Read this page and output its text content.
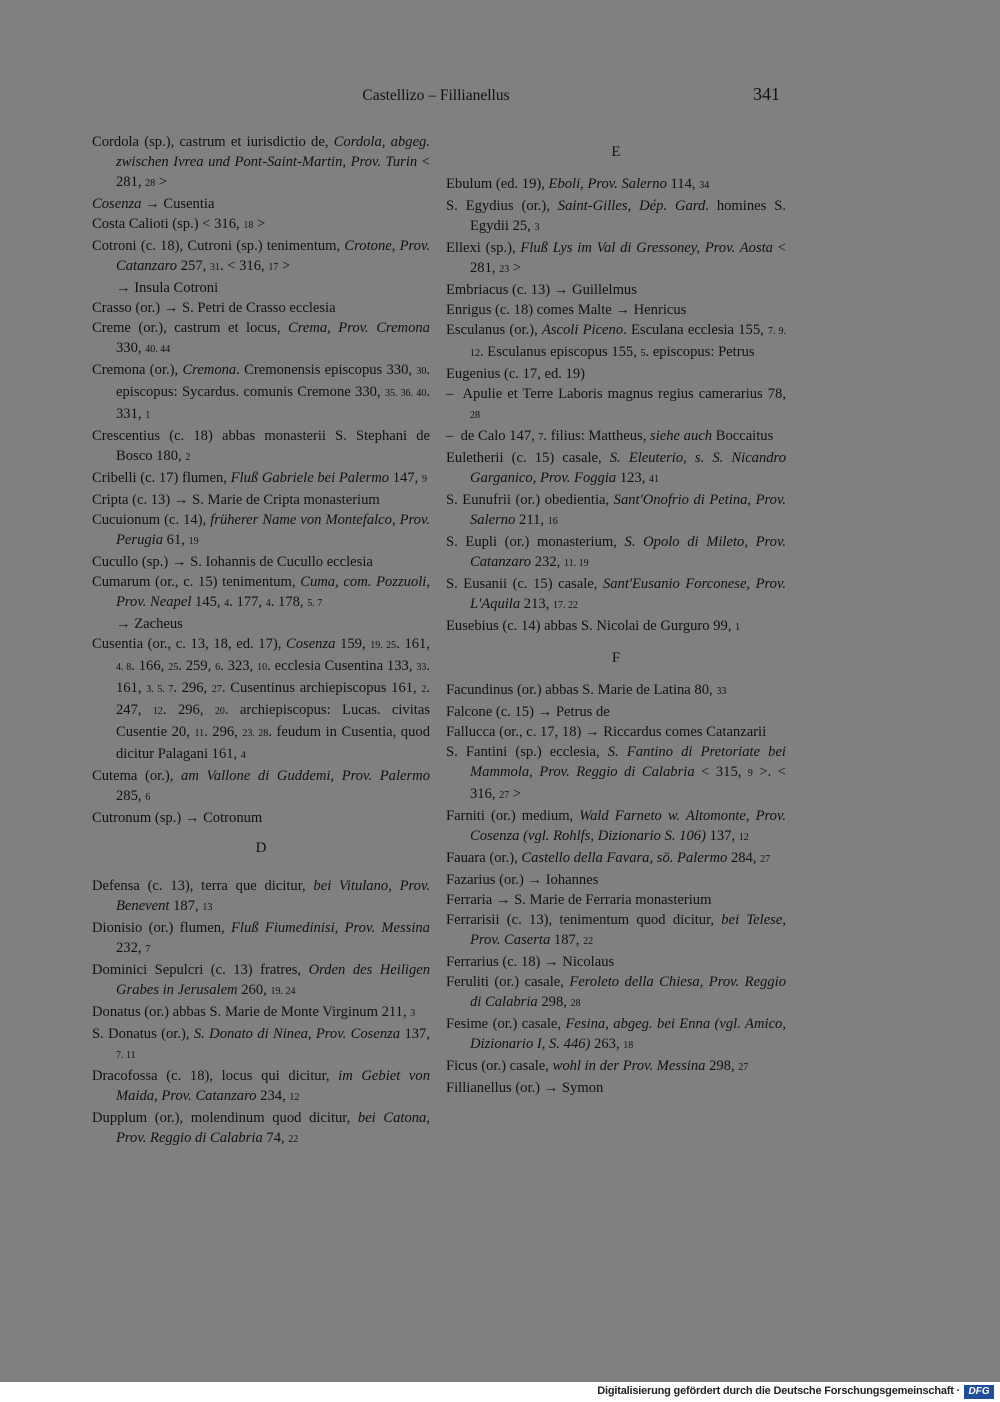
Castellizo – Fillianellus	341
Cordola (sp.), castrum et iurisdictio de, Cordola, abgeg. zwischen Ivrea und Pont-Saint-Martin, Prov. Turin < 281, 28 >
Cosenza → Cusentia
Costa Calioti (sp.) < 316, 18 >
Cotroni (c. 18), Cutroni (sp.) tenimentum, Crotone, Prov. Catanzaro 257, 31. < 316, 17 >
→ Insula Cotroni
Crasso (or.) → S. Petri de Crasso ecclesia
Creme (or.), castrum et locus, Crema, Prov. Cremona 330, 40. 44
Cremona (or.), Cremona. Cremonensis episcopus 330, 30. episcopus: Sycardus. comunis Cremone 330, 35. 36. 40. 331, 1
Crescentius (c. 18) abbas monasterii S. Stephani de Bosco 180, 2
Cribelli (c. 17) flumen, Fluß Gabriele bei Palermo 147, 9
Cripta (c. 13) → S. Marie de Cripta monasterium
Cucuionum (c. 14), früherer Name von Montefalco, Prov. Perugia 61, 19
Cucullo (sp.) → S. Iohannis de Cucullo ecclesia
Cumarum (or., c. 15) tenimentum, Cuma, com. Pozzuoli, Prov. Neapel 145, 4. 177, 4. 178, 5. 7
→ Zacheus
Cusentia (or., c. 13, 18, ed. 17), Cosenza 159, 19. 25. 161, 4. 8. 166, 25. 259, 6. 323, 10. ecclesia Cusentina 133, 33. 161, 3. 5. 7. 296, 27. Cusentinus archiepiscopus 161, 2. 247, 12. 296, 20. archiepiscopus: Lucas. civitas Cusentie 20, 11. 296, 23. 28. feudum in Cusentia, quod dicitur Palagani 161, 4
Cutema (or.), am Vallone di Guddemi, Prov. Palermo 285, 6
Cutronum (sp.) → Cotronum
D
Defensa (c. 13), terra que dicitur, bei Vitulano, Prov. Benevent 187, 13
Dionisio (or.) flumen, Fluß Fiumedinisi, Prov. Messina 232, 7
Dominici Sepulcri (c. 13) fratres, Orden des Heiligen Grabes in Jerusalem 260, 19. 24
Donatus (or.) abbas S. Marie de Monte Virginum 211, 3
S. Donatus (or.), S. Donato di Ninea, Prov. Cosenza 137, 7. 11
Dracofossa (c. 18), locus qui dicitur, im Gebiet von Maida, Prov. Catanzaro 234, 12
Dupplum (or.), molendinum quod dicitur, bei Catona, Prov. Reggio di Calabria 74, 22
E
Ebulum (ed. 19), Eboli, Prov. Salerno 114, 34
S. Egydius (or.), Saint-Gilles, Dép. Gard. homines S. Egydii 25, 3
Ellexi (sp.), Fluß Lys im Val di Gressoney, Prov. Aosta < 281, 23 >
Embriacus (c. 13) → Guillelmus
Enrigus (c. 18) comes Malte → Henricus
Esculanus (or.), Ascoli Piceno. Esculana ecclesia 155, 7. 9. 12. Esculanus episcopus 155, 5. episcopus: Petrus
Eugenius (c. 17, ed. 19)
–  Apulie et Terre Laboris magnus regius camerarius 78, 28
–  de Calo 147, 7. filius: Mattheus, siehe auch Boccaitus
Euletherii (c. 15) casale, S. Eleuterio, s. S. Nicandro Garganico, Prov. Foggia 123, 41
S. Eunufrii (or.) obedientia, Sant'Onofrio di Petina, Prov. Salerno 211, 16
S. Eupli (or.) monasterium, S. Opolo di Mileto, Prov. Catanzaro 232, 11. 19
S. Eusanii (c. 15) casale, Sant'Eusanio Forconese, Prov. L'Aquila 213, 17. 22
Eusebius (c. 14) abbas S. Nicolai de Gurguro 99, 1
F
Facundinus (or.) abbas S. Marie de Latina 80, 33
Falcone (c. 15) → Petrus de
Fallucca (or., c. 17, 18) → Riccardus comes Catanzarii
S. Fantini (sp.) ecclesia, S. Fantino di Pretoriate bei Mammola, Prov. Reggio di Calabria < 315, 9 >. < 316, 27 >
Farniti (or.) medium, Wald Farneto w. Altomonte, Prov. Cosenza (vgl. Rohlfs, Dizionario S. 106) 137, 12
Fauara (or.), Castello della Favara, sö. Palermo 284, 27
Fazarius (or.) → Iohannes
Ferraria → S. Marie de Ferraria monasterium
Ferrarisii (c. 13), tenimentum quod dicitur, bei Telese, Prov. Caserta 187, 22
Ferrarius (c. 18) → Nicolaus
Feruliti (or.) casale, Feroleto della Chiesa, Prov. Reggio di Calabria 298, 28
Fesime (or.) casale, Fesina, abgeg. bei Enna (vgl. Amico, Dizionario I, S. 446) 263, 18
Ficus (or.) casale, wohl in der Prov. Messina 298, 27
Fillianellus (or.) → Symon
Digitalisierung gefördert durch die Deutsche Forschungsgemeinschaft · DFG
